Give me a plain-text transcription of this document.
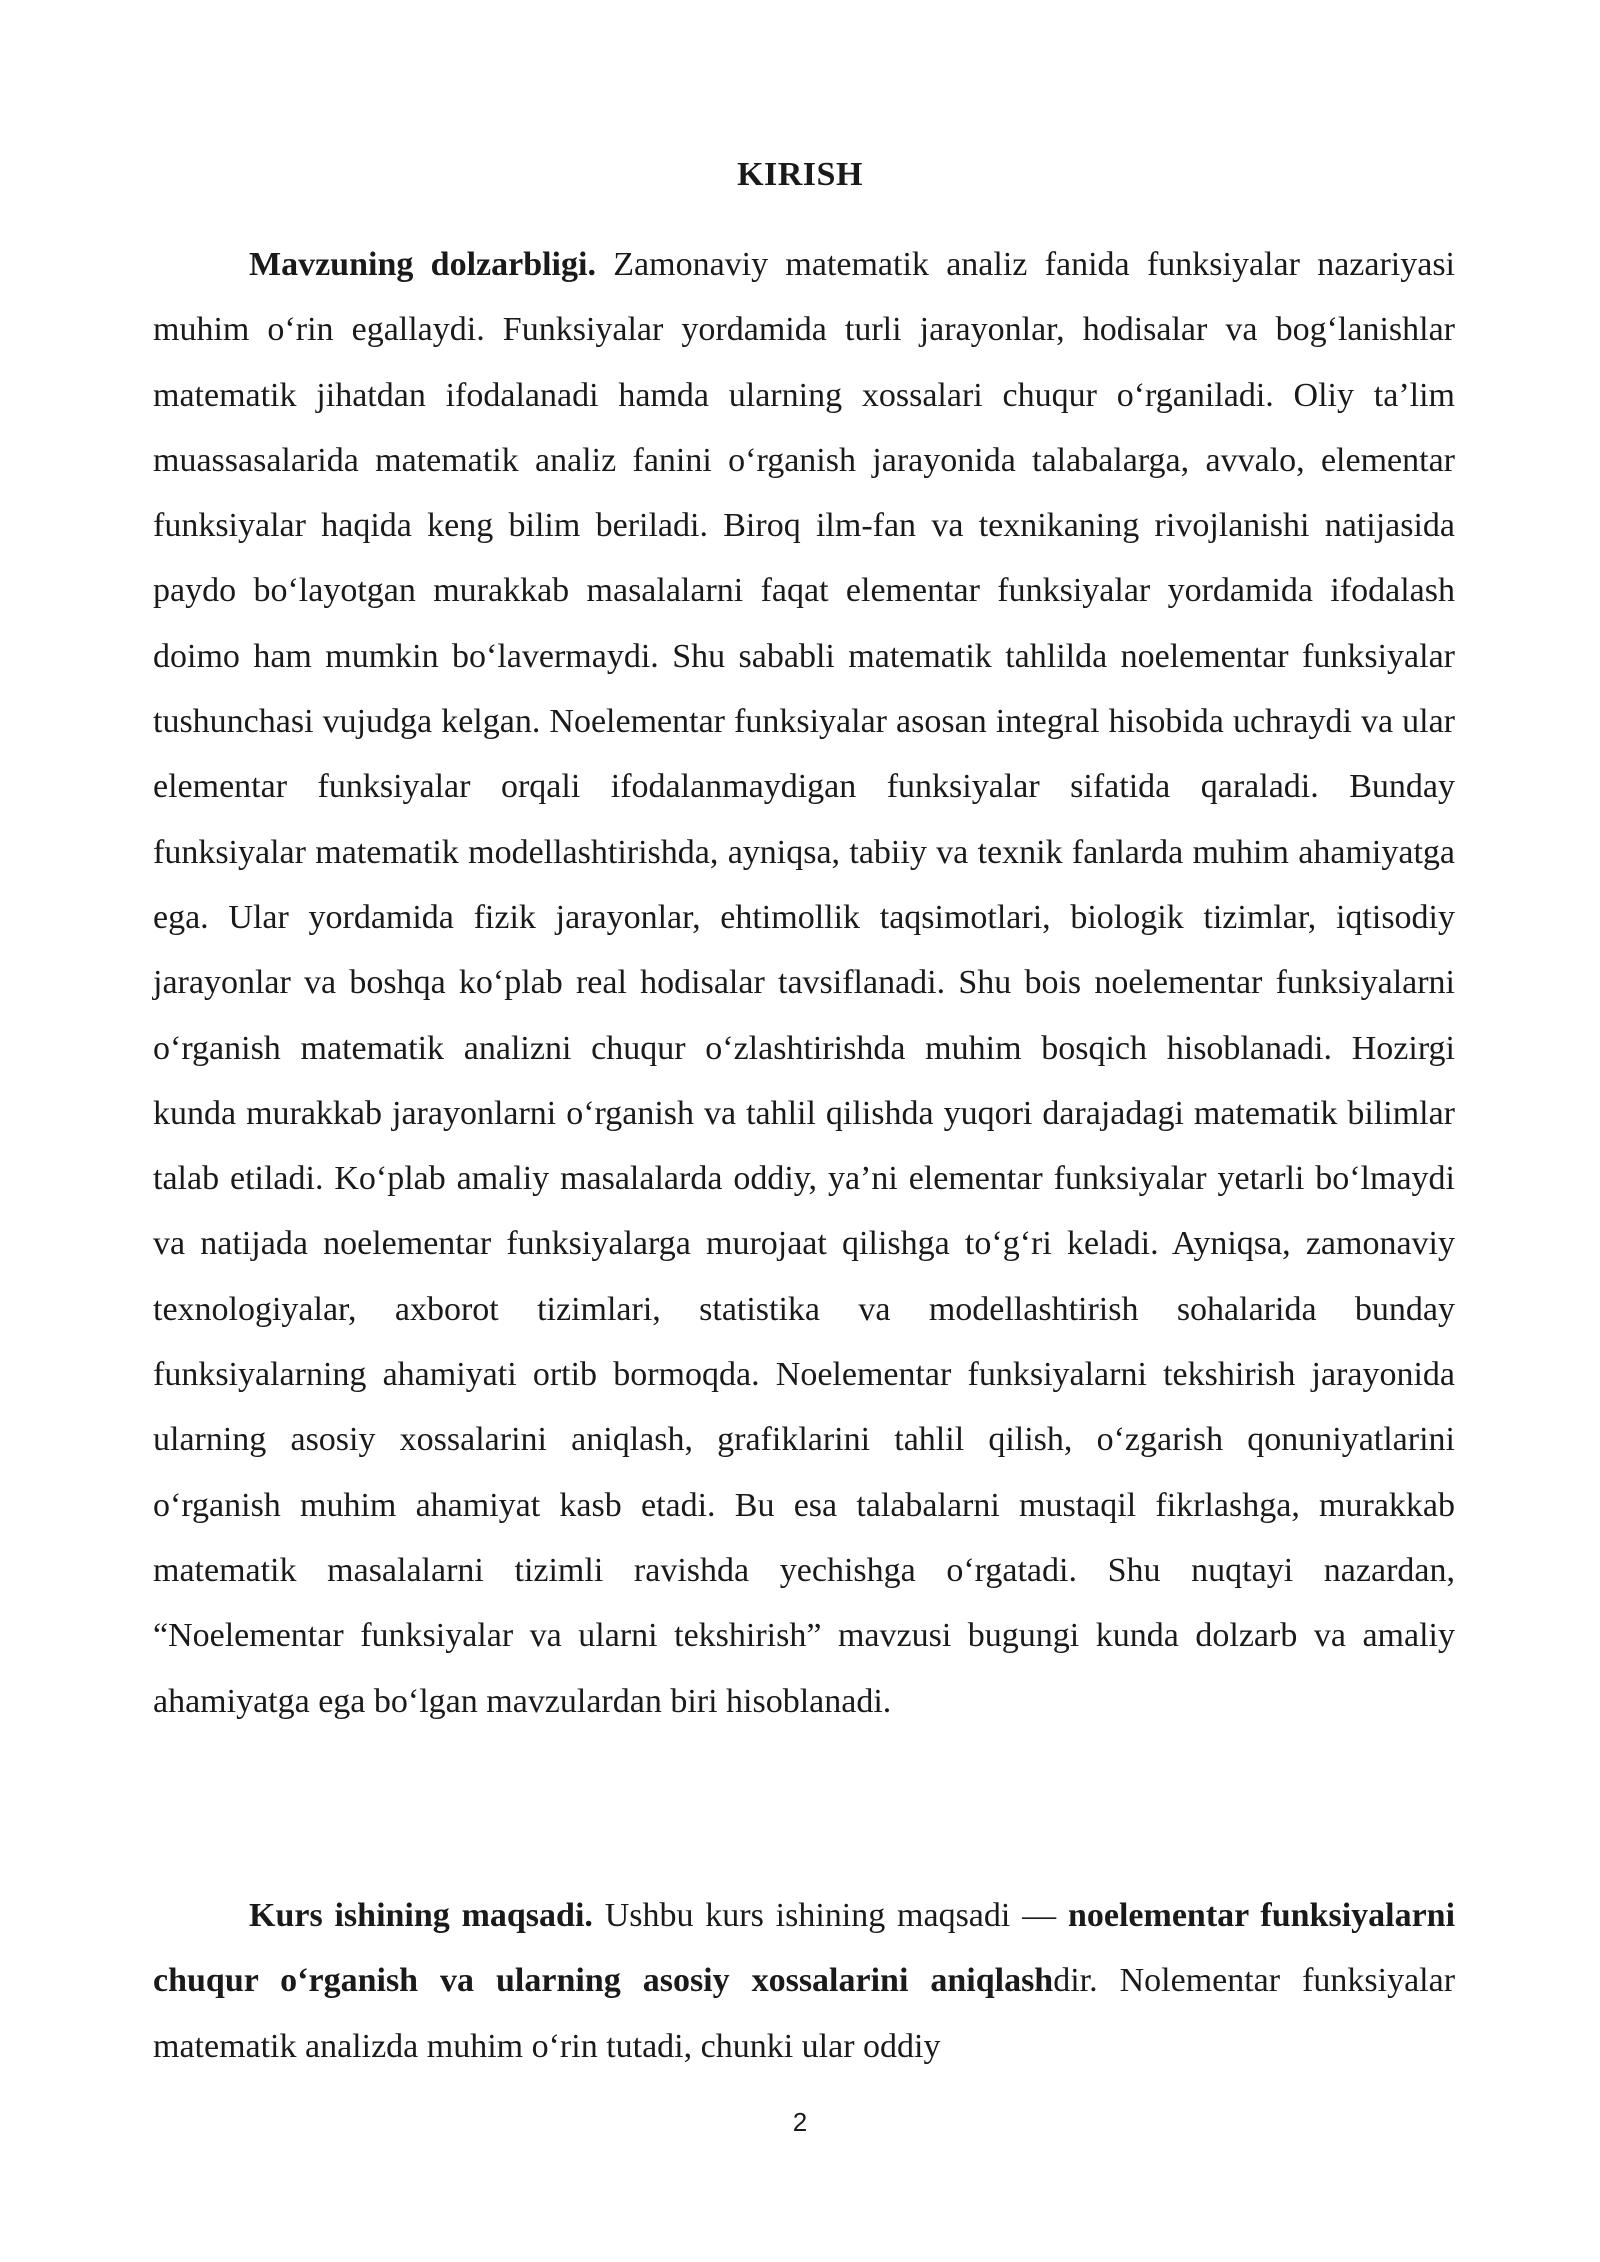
KIRISH

Mavzuning dolzarbligi. Zamonaviy matematik analiz fanida funksiyalar nazariyasi muhim o‘rin egallaydi. Funksiyalar yordamida turli jarayonlar, hodisalar va bog‘lanishlar matematik jihatdan ifodalanadi hamda ularning xossalari chuqur o‘rganiladi. Oliy ta’lim muassasalarida matematik analiz fanini o‘rganish jarayonida talabalarga, avvalo, elementar funksiyalar haqida keng bilim beriladi. Biroq ilm-fan va texnikaning rivojlanishi natijasida paydo bo‘layotgan murakkab masalalarni faqat elementar funksiyalar yordamida ifodalash doimo ham mumkin bo‘lavermaydi. Shu sababli matematik tahlilda noelementar funksiyalar tushunchasi vujudga kelgan. Noelementar funksiyalar asosan integral hisobida uchraydi va ular elementar funksiyalar orqali ifodalanmaydigan funksiyalar sifatida qaraladi. Bunday funksiyalar matematik modellashtirishda, ayniqsa, tabiiy va texnik fanlarda muhim ahamiyatga ega. Ular yordamida fizik jarayonlar, ehtimollik taqsimotlari, biologik tizimlar, iqtisodiy jarayonlar va boshqa ko‘plab real hodisalar tavsiflanadi. Shu bois noelementar funksiyalarni o‘rganish matematik analizni chuqur o‘zlashtirishda muhim bosqich hisoblanadi. Hozirgi kunda murakkab jarayonlarni o‘rganish va tahlil qilishda yuqori darajadagi matematik bilimlar talab etiladi. Ko‘plab amaliy masalalarda oddiy, ya’ni elementar funksiyalar yetarli bo‘lmaydi va natijada noelementar funksiyalarga murojaat qilishga to‘g‘ri keladi. Ayniqsa, zamonaviy texnologiyalar, axborot tizimlari, statistika va modellashtirish sohalarida bunday funksiyalarning ahamiyati ortib bormoqda. Noelementar funksiyalarni tekshirish jarayonida ularning asosiy xossalarini aniqlash, grafiklarini tahlil qilish, o‘zgarish qonuniyatlarini o‘rganish muhim ahamiyat kasb etadi. Bu esa talabalarni mustaqil fikrlashga, murakkab matematik masalalarni tizimli ravishda yechishga o‘rgatadi. Shu nuqtayi nazardan, “Noelementar funksiyalar va ularni tekshirish” mavzusi bugungi kunda dolzarb va amaliy ahamiyatga ega bo‘lgan mavzulardan biri hisoblanadi.

Kurs ishining maqsadi. Ushbu kurs ishining maqsadi — noelementar funksiyalarni chuqur o‘rganish va ularning asosiy xossalarini aniqlashdir. Nolementar funksiyalar matematik analizda muhim o‘rin tutadi, chunki ular oddiy

2
